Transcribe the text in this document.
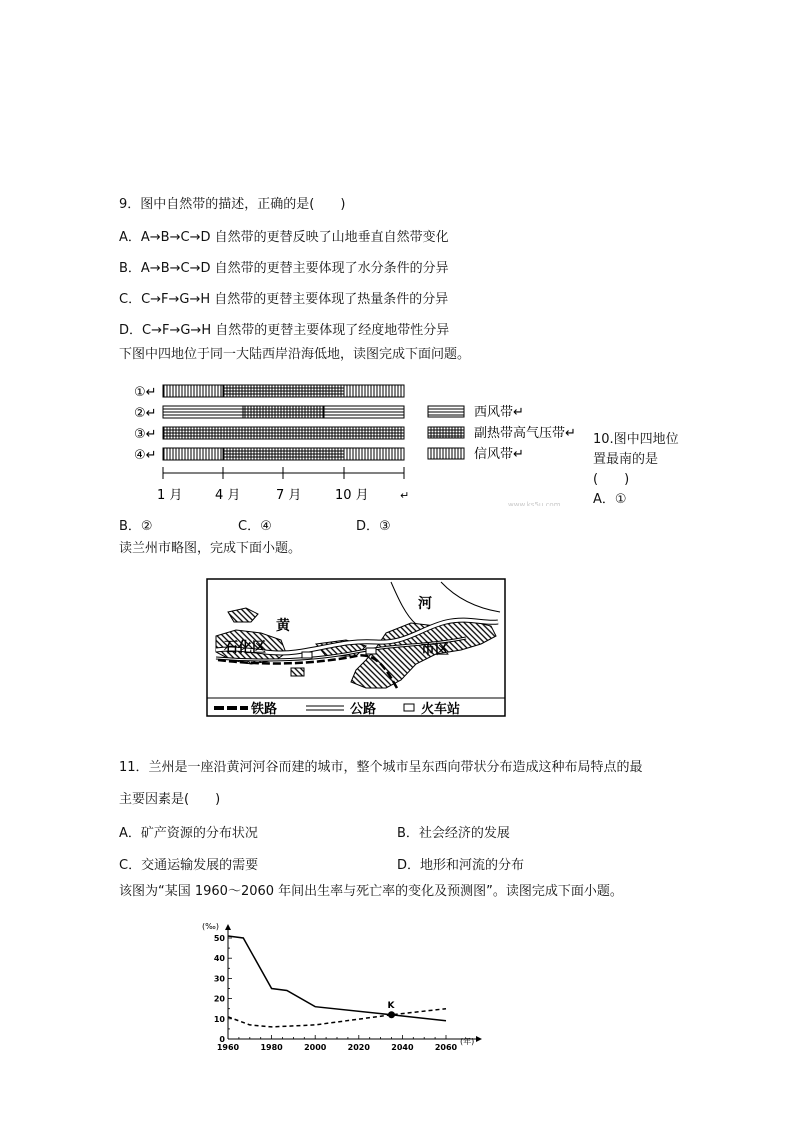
9．图中自然带的描述，正确的是(　　)
A．A→B→C→D 自然带的更替反映了山地垂直自然带变化
B．A→B→C→D 自然带的更替主要体现了水分条件的分异
C．C→F→G→H 自然带的更替主要体现了热量条件的分异
D．C→F→G→H 自然带的更替主要体现了经度地带性分异
下图中四地位于同一大陆西岸沿海低地，读图完成下面问题。
①↵
②↵
③↵
④↵
1 月	4 月	7 月	10 月	↵
西风带↵
副热带高气压带↵
信风带↵
www.ks5u.com
10.图中四地位置最南的是(　　)
A．①
B．②	C．④	D．③
读兰州市略图，完成下面小题。
河
黄
石化区	市区
铁路	公路	火车站
11．兰州是一座沿黄河河谷而建的城市，整个城市呈东西向带状分布造成这种布局特点的最
主要因素是(　　)
A．矿产资源的分布状况	B．社会经济的发展
C．交通运输发展的需要	D．地形和河流的分布
该图为“某国 1960～2060 年间出生率与死亡率的变化及预测图”。读图完成下面小题。
(‰)
(年)
K
1960	1980	2000	2020	2040	2060
0
10
20
30
40
50
